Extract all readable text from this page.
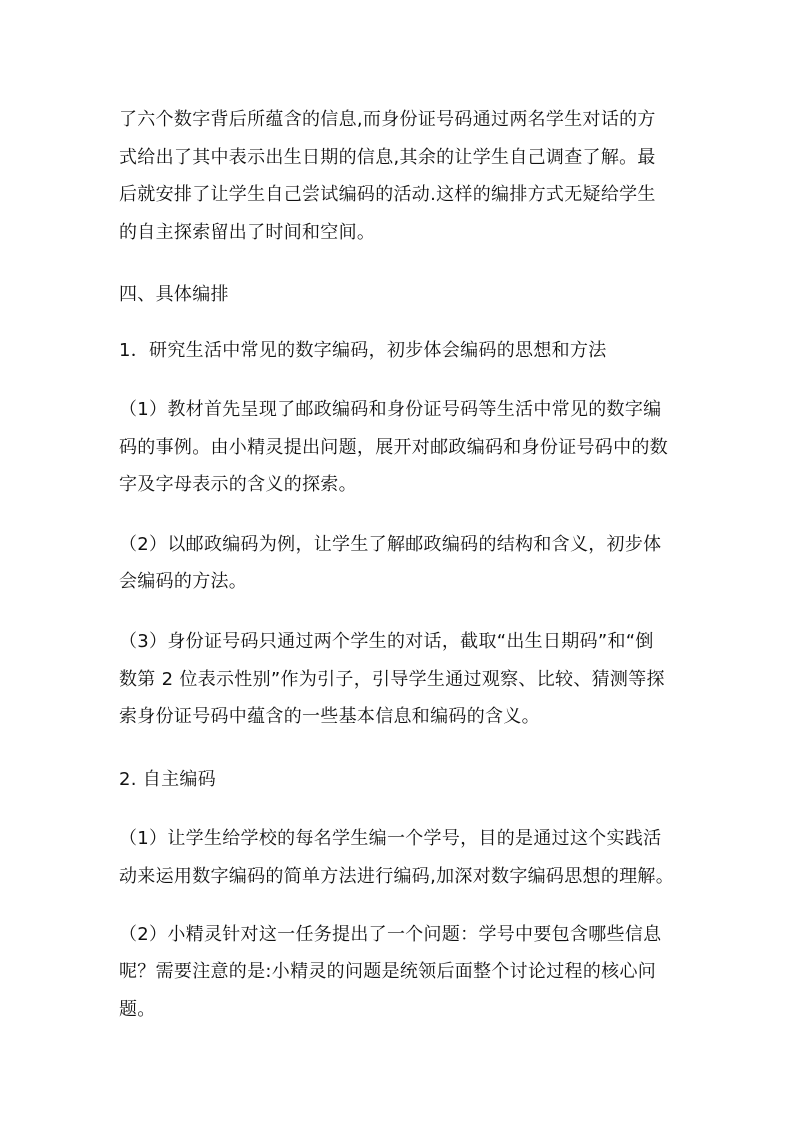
了六个数字背后所蕴含的信息,而身份证号码通过两名学生对话的方
式给出了其中表示出生日期的信息,其余的让学生自己调查了解。最
后就安排了让学生自己尝试编码的活动.这样的编排方式无疑给学生
的自主探索留出了时间和空间。
四、具体编排
1．研究生活中常见的数字编码，初步体会编码的思想和方法
（1）教材首先呈现了邮政编码和身份证号码等生活中常见的数字编
码的事例。由小精灵提出问题，展开对邮政编码和身份证号码中的数
字及字母表示的含义的探索。
（2）以邮政编码为例，让学生了解邮政编码的结构和含义，初步体
会编码的方法。
（3）身份证号码只通过两个学生的对话，截取“出生日期码”和“倒
数第 2 位表示性别”作为引子，引导学生通过观察、比较、猜测等探
索身份证号码中蕴含的一些基本信息和编码的含义。
2. 自主编码
（1）让学生给学校的每名学生编一个学号，目的是通过这个实践活
动来运用数字编码的简单方法进行编码,加深对数字编码思想的理解。
（2）小精灵针对这一任务提出了一个问题：学号中要包含哪些信息
呢？需要注意的是:小精灵的问题是统领后面整个讨论过程的核心问
题。
